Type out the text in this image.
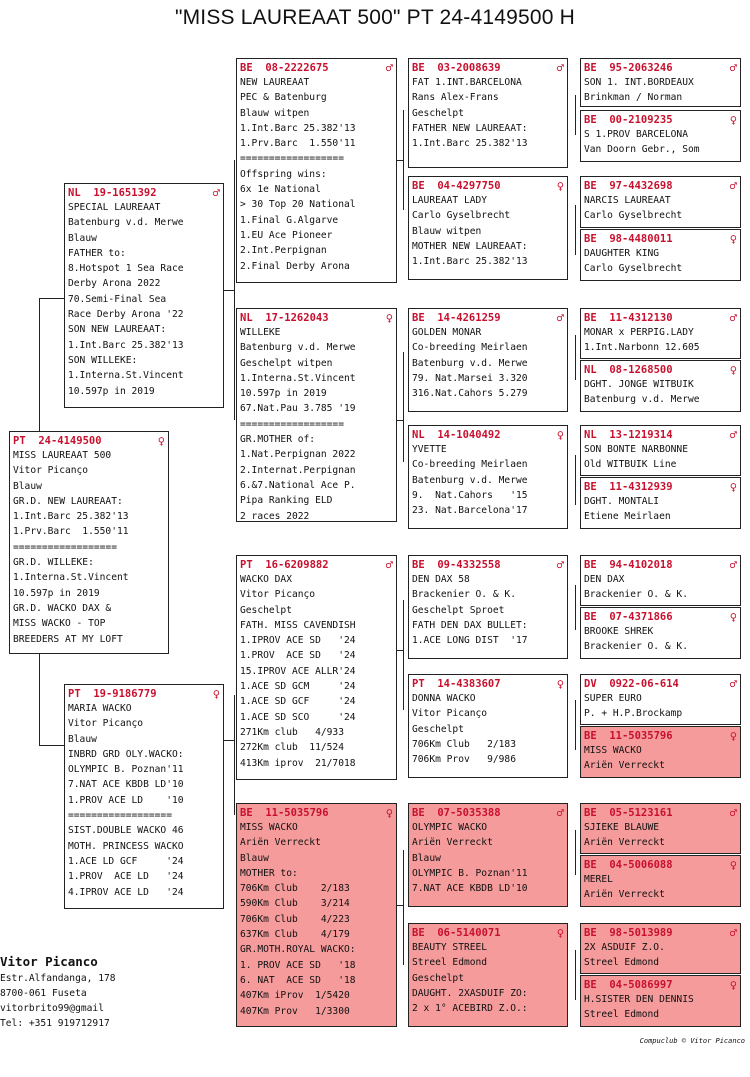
"MISS LAUREAAT 500" PT 24-4149500 H
PT 24-4149500	♀
MISS LAUREAAT 500
Vitor Picanço
Blauw
GR.D. NEW LAUREAAT:
1.Int.Barc 25.382'13
1.Prv.Barc  1.550'11
==================
GR.D. WILLEKE:
1.Interna.St.Vincent
10.597p in 2019
GR.D. WACKO DAX &
MISS WACKO - TOP
BREEDERS AT MY LOFT
NL 19-1651392	♂
SPECIAL LAUREAAT
Batenburg v.d. Merwe
Blauw
FATHER to:
8.Hotspot 1 Sea Race
Derby Arona 2022
70.Semi-Final Sea
Race Derby Arona '22
SON NEW LAUREAAT:
1.Int.Barc 25.382'13
SON WILLEKE:
1.Interna.St.Vincent
10.597p in 2019
PT 19-9186779	♀
MARIA WACKO
Vitor Picanço
Blauw
INBRD GRD OLY.WACKO:
OLYMPIC B. Poznan'11
7.NAT ACE KBDB LD'10
1.PROV ACE LD    '10
==================
SIST.DOUBLE WACKO 46
MOTH. PRINCESS WACKO
1.ACE LD GCF     '24
1.PROV  ACE LD   '24
4.IPROV ACE LD   '24
BE 08-2222675	♂
NEW LAUREAAT
PEC & Batenburg
Blauw witpen
1.Int.Barc 25.382'13
1.Prv.Barc  1.550'11
==================
Offspring wins:
6x 1e National
> 30 Top 20 National
1.Final G.Algarve
1.EU Ace Pioneer
2.Int.Perpignan
2.Final Derby Arona
NL 17-1262043	♀
WILLEKE
Batenburg v.d. Merwe
Geschelpt witpen
1.Interna.St.Vincent
10.597p in 2019
67.Nat.Pau 3.785 '19
==================
GR.MOTHER of:
1.Nat.Perpignan 2022
2.Internat.Perpignan
6.&7.National Ace P.
Pipa Ranking ELD
2 races 2022
PT 16-6209882	♂
WACKO DAX
Vitor Picanço
Geschelpt
FATH. MISS CAVENDISH
1.IPROV ACE SD   '24
1.PROV  ACE SD   '24
15.IPROV ACE ALLR'24
1.ACE SD GCM     '24
1.ACE SD GCF     '24
1.ACE SD SCO     '24
271Km club   4/933
272Km club  11/524
413Km iprov  21/7018
BE 11-5035796	♀
MISS WACKO
Ariën Verreckt
Blauw
MOTHER to:
706Km Club    2/183
590Km Club    3/214
706Km Club    4/223
637Km Club    4/179
GR.MOTH.ROYAL WACKO:
1. PROV ACE SD   '18
6. NAT  ACE SD   '18
407Km iProv  1/5420
407Km Prov   1/3300
BE 03-2008639	♂
FAT 1.INT.BARCELONA
Rans Alex-Frans
Geschelpt
FATHER NEW LAUREAAT:
1.Int.Barc 25.382'13
BE 04-4297750	♀
LAUREAAT LADY
Carlo Gyselbrecht
Blauw witpen
MOTHER NEW LAUREAAT:
1.Int.Barc 25.382'13
BE 14-4261259	♂
GOLDEN MONAR
Co-breeding Meirlaen
Batenburg v.d. Merwe
79. Nat.Marsei 3.320
316.Nat.Cahors 5.279
NL 14-1040492	♀
YVETTE
Co-breeding Meirlaen
Batenburg v.d. Merwe
9.  Nat.Cahors   '15
23. Nat.Barcelona'17
BE 09-4332558	♂
DEN DAX 58
Brackenier O. & K.
Geschelpt Sproet
FATH DEN DAX BULLET:
1.ACE LONG DIST  '17
PT 14-4383607	♀
DONNA WACKO
Vitor Picanço
Geschelpt
706Km Club   2/183
706Km Prov   9/986
BE 07-5035388	♂
OLYMPIC WACKO
Ariën Verreckt
Blauw
OLYMPIC B. Poznan'11
7.NAT ACE KBDB LD'10
BE 06-5140071	♀
BEAUTY STREEL
Streel Edmond
Geschelpt
DAUGHT. 2XASDUIF ZO:
2 x 1° ACEBIRD Z.O.:
BE 95-2063246	♂
SON 1. INT.BORDEAUX
Brinkman / Norman
BE 00-2109235	♀
S 1.PROV BARCELONA
Van Doorn Gebr., Som
BE 97-4432698	♂
NARCIS LAUREAAT
Carlo Gyselbrecht
BE 98-4480011	♀
DAUGHTER KING
Carlo Gyselbrecht
BE 11-4312130	♂
MONAR x PERPIG.LADY
1.Int.Narbonn 12.605
NL 08-1268500	♀
DGHT. JONGE WITBUIK
Batenburg v.d. Merwe
NL 13-1219314	♂
SON BONTE NARBONNE
Old WITBUIK Line
BE 11-4312939	♀
DGHT. MONTALI
Etiene Meirlaen
BE 94-4102018	♂
DEN DAX
Brackenier O. & K.
BE 07-4371866	♀
BROOKE SHREK
Brackenier O. & K.
DV 0922-06-614	♂
SUPER EURO
P. + H.P.Brockamp
BE 11-5035796	♀
MISS WACKO
Ariën Verreckt
BE 05-5123161	♂
SJIEKE BLAUWE
Ariën Verreckt
BE 04-5006088	♀
MEREL
Ariën Verreckt
BE 98-5013989	♂
2X ASDUIF Z.O.
Streel Edmond
BE 04-5086997	♀
H.SISTER DEN DENNIS
Streel Edmond
Vitor Picanco
Estr.Alfandanga, 178
8700-061 Fuseta
vitorbrito99@gmail
Tel: +351 919712917
Compuclub © Vitor Picanco
